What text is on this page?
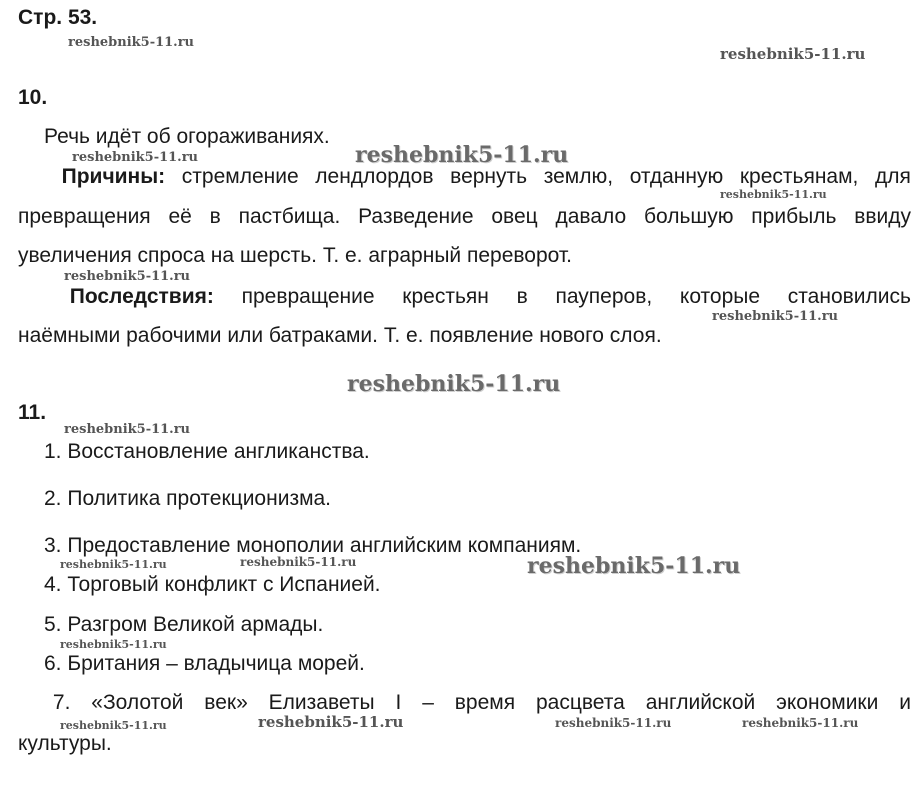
Стр. 53.
10.
Речь идёт об огораживаниях.
Причины: стремление лендлордов вернуть землю, отданную крестьянам, для
превращения её в пастбища. Разведение овец давало большую прибыль ввиду
увеличения спроса на шерсть. Т. е. аграрный переворот.
Последствия: превращение крестьян в пауперов, которые становились
наёмными рабочими или батраками. Т. е. появление нового слоя.
11.
1. Восстановление англиканства.
2. Политика протекционизма.
3. Предоставление монополии английским компаниям.
4. Торговый конфликт с Испанией.
5. Разгром Великой армады.
6. Британия – владычица морей.
7. «Золотой век» Елизаветы I – время расцвета английской экономики и
культуры.
reshebnik5-11.ru
reshebnik5-11.ru
reshebnik5-11.ru	reshebnik5-11.ru
reshebnik5-11.ru
reshebnik5-11.ru
reshebnik5-11.ru
reshebnik5-11.ru
reshebnik5-11.ru
reshebnik5-11.ru
reshebnik5-11.ru	reshebnik5-11.ru
reshebnik5-11.ru
reshebnik5-11.ru	reshebnik5-11.ru	reshebnik5-11.ru	reshebnik5-11.ru
